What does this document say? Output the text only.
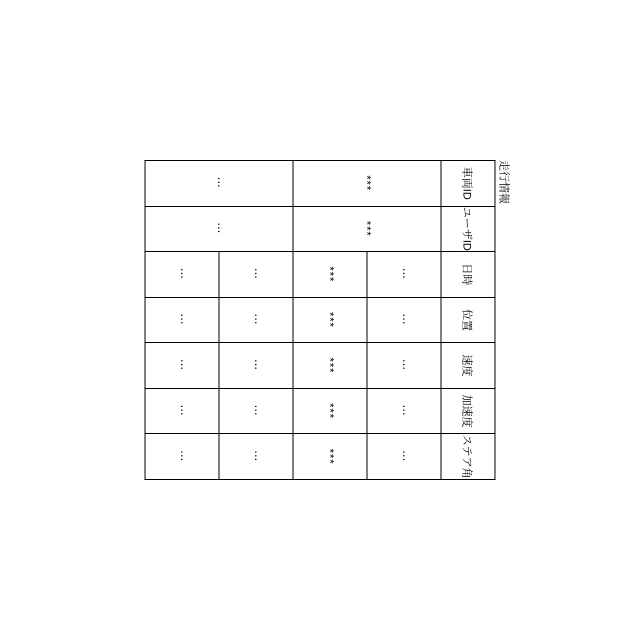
走行情報
車両ID	ユーザID	日時	位置	速度	加速度	ステア角
***	***	⋯	⋯	⋯	⋯	⋯
		***	***	***	***	***
⋯	⋯	⋯	⋯	⋯	⋯	⋯
		⋯	⋯	⋯	⋯	⋯
